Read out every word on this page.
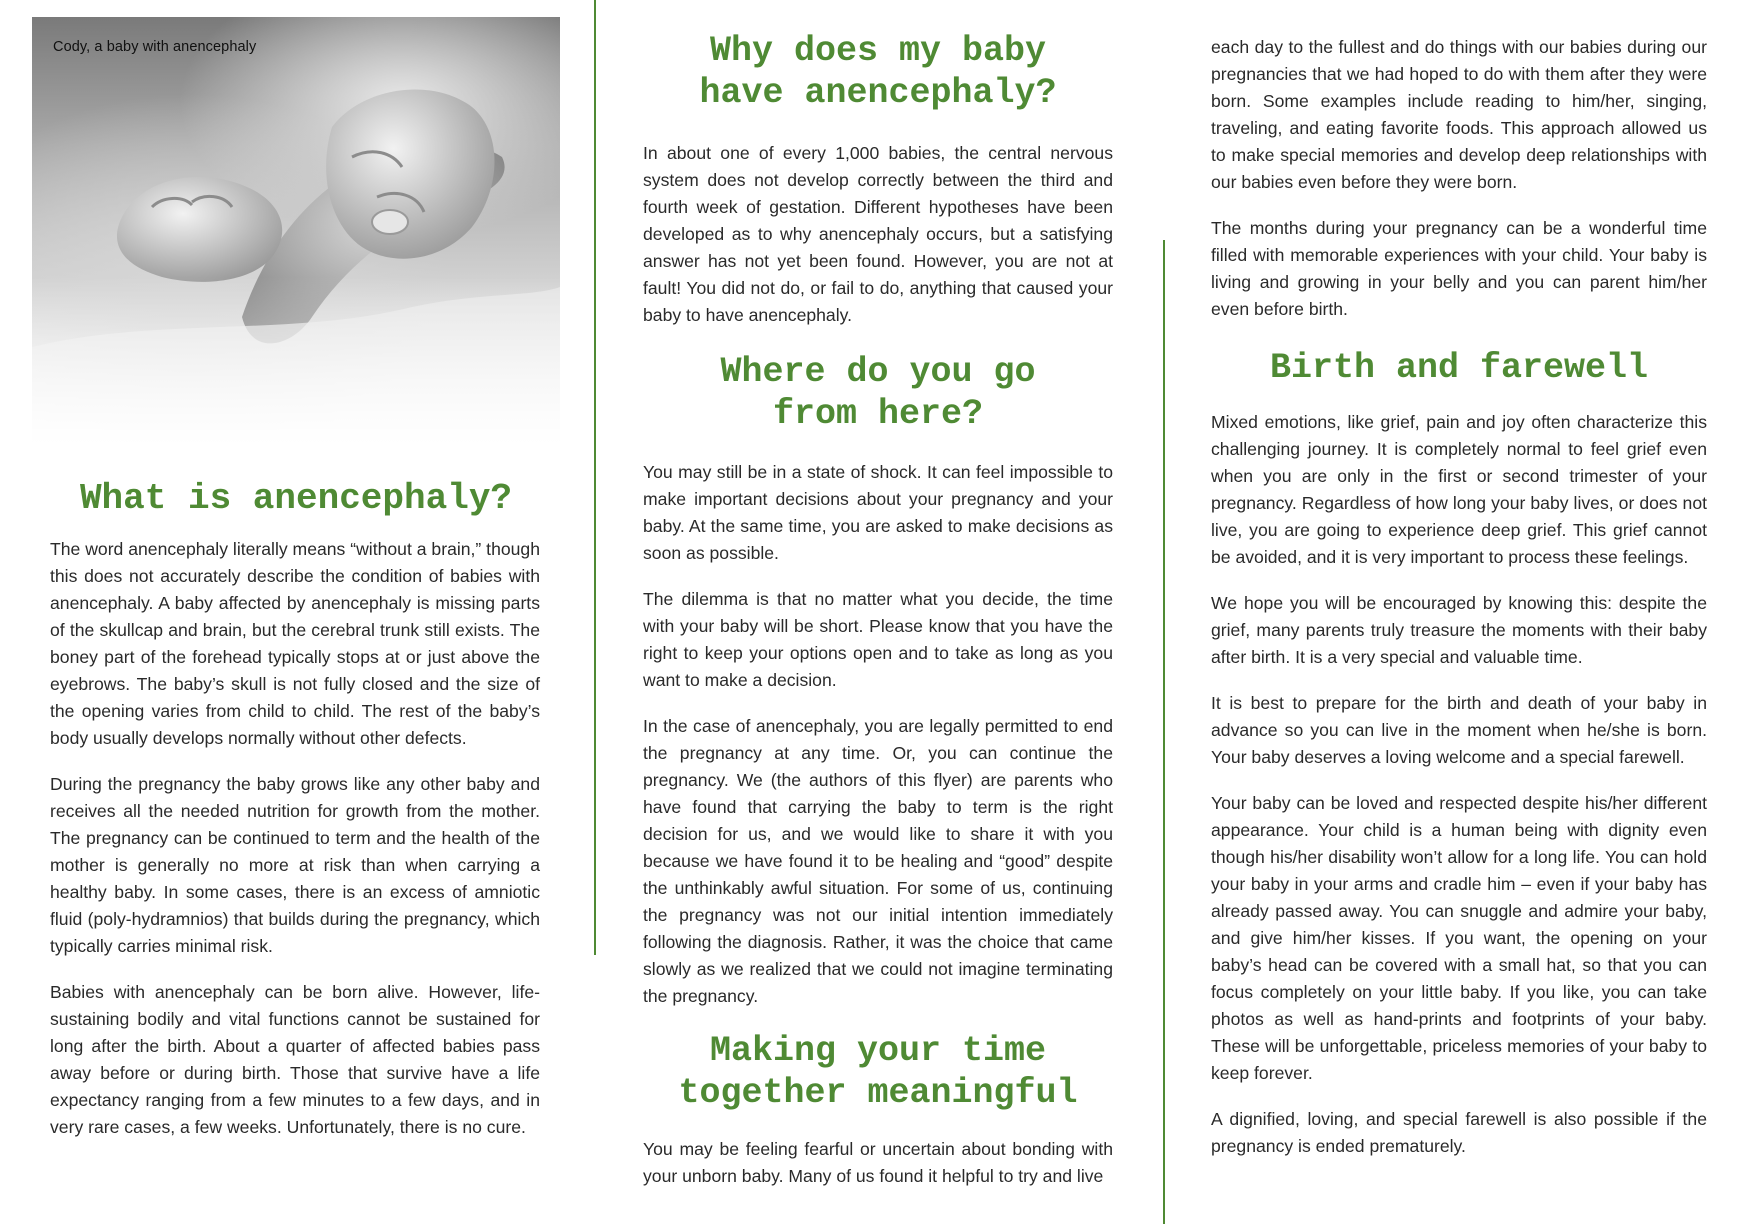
Cody, a baby with anencephaly
What is anencephaly?

The word anencephaly literally means “without a brain,” though this does not accurately describe the condition of babies with anencephaly. A baby affected by anencephaly is missing parts of the skullcap and brain, but the cerebral trunk still exists. The boney part of the forehead typically stops at or just above the eyebrows. The baby’s skull is not fully closed and the size of the opening varies from child to child. The rest of the baby’s body usually develops normally without other defects.

During the pregnancy the baby grows like any other baby and receives all the needed nutrition for growth from the mother. The pregnancy can be continued to term and the health of the mother is generally no more at risk than when carrying a healthy baby. In some cases, there is an excess of amniotic fluid (poly-hydramnios) that builds during the pregnancy, which typically carries minimal risk.

Babies with anencephaly can be born alive. However, life-sustaining bodily and vital functions cannot be sustained for long after the birth. About a quarter of affected babies pass away before or during birth. Those that survive have a life expectancy ranging from a few minutes to a few days, and in very rare cases, a few weeks. Unfortunately, there is no cure.

Why does my baby have anencephaly?

In about one of every 1,000 babies, the central nervous system does not develop correctly between the third and fourth week of gestation. Different hypotheses have been developed as to why anencephaly occurs, but a satisfying answer has not yet been found. However, you are not at fault! You did not do, or fail to do, anything that caused your baby to have anencephaly.

Where do you go from here?

You may still be in a state of shock. It can feel impossible to make important decisions about your pregnancy and your baby. At the same time, you are asked to make decisions as soon as possible.

The dilemma is that no matter what you decide, the time with your baby will be short. Please know that you have the right to keep your options open and to take as long as you want to make a decision.

In the case of anencephaly, you are legally permitted to end the pregnancy at any time. Or, you can continue the pregnancy. We (the authors of this flyer) are parents who have found that carrying the baby to term is the right decision for us, and we would like to share it with you because we have found it to be healing and “good” despite the unthinkably awful situation. For some of us, continuing the pregnancy was not our initial intention immediately following the diagnosis. Rather, it was the choice that came slowly as we realized that we could not imagine terminating the pregnancy.

Making your time together meaningful

You may be feeling fearful or uncertain about bonding with your unborn baby. Many of us found it helpful to try and live

each day to the fullest and do things with our babies during our pregnancies that we had hoped to do with them after they were born. Some examples include reading to him/her, singing, traveling, and eating favorite foods. This approach allowed us to make special memories and develop deep relationships with our babies even before they were born.

The months during your pregnancy can be a wonderful time filled with memorable experiences with your child. Your baby is living and growing in your belly and you can parent him/her even before birth.

Birth and farewell

Mixed emotions, like grief, pain and joy often characterize this challenging journey. It is completely normal to feel grief even when you are only in the first or second trimester of your pregnancy. Regardless of how long your baby lives, or does not live, you are going to experience deep grief. This grief cannot be avoided, and it is very important to process these feelings.

We hope you will be encouraged by knowing this: despite the grief, many parents truly treasure the moments with their baby after birth. It is a very special and valuable time.

It is best to prepare for the birth and death of your baby in advance so you can live in the moment when he/she is born. Your baby deserves a loving welcome and a special farewell.

Your baby can be loved and respected despite his/her different appearance. Your child is a human being with dignity even though his/her disability won’t allow for a long life. You can hold your baby in your arms and cradle him – even if your baby has already passed away. You can snuggle and admire your baby, and give him/her kisses. If you want, the opening on your baby’s head can be covered with a small hat, so that you can focus completely on your little baby. If you like, you can take photos as well as hand-prints and footprints of your baby. These will be unforgettable, priceless memories of your baby to keep forever.

A dignified, loving, and special farewell is also possible if the pregnancy is ended prematurely.
